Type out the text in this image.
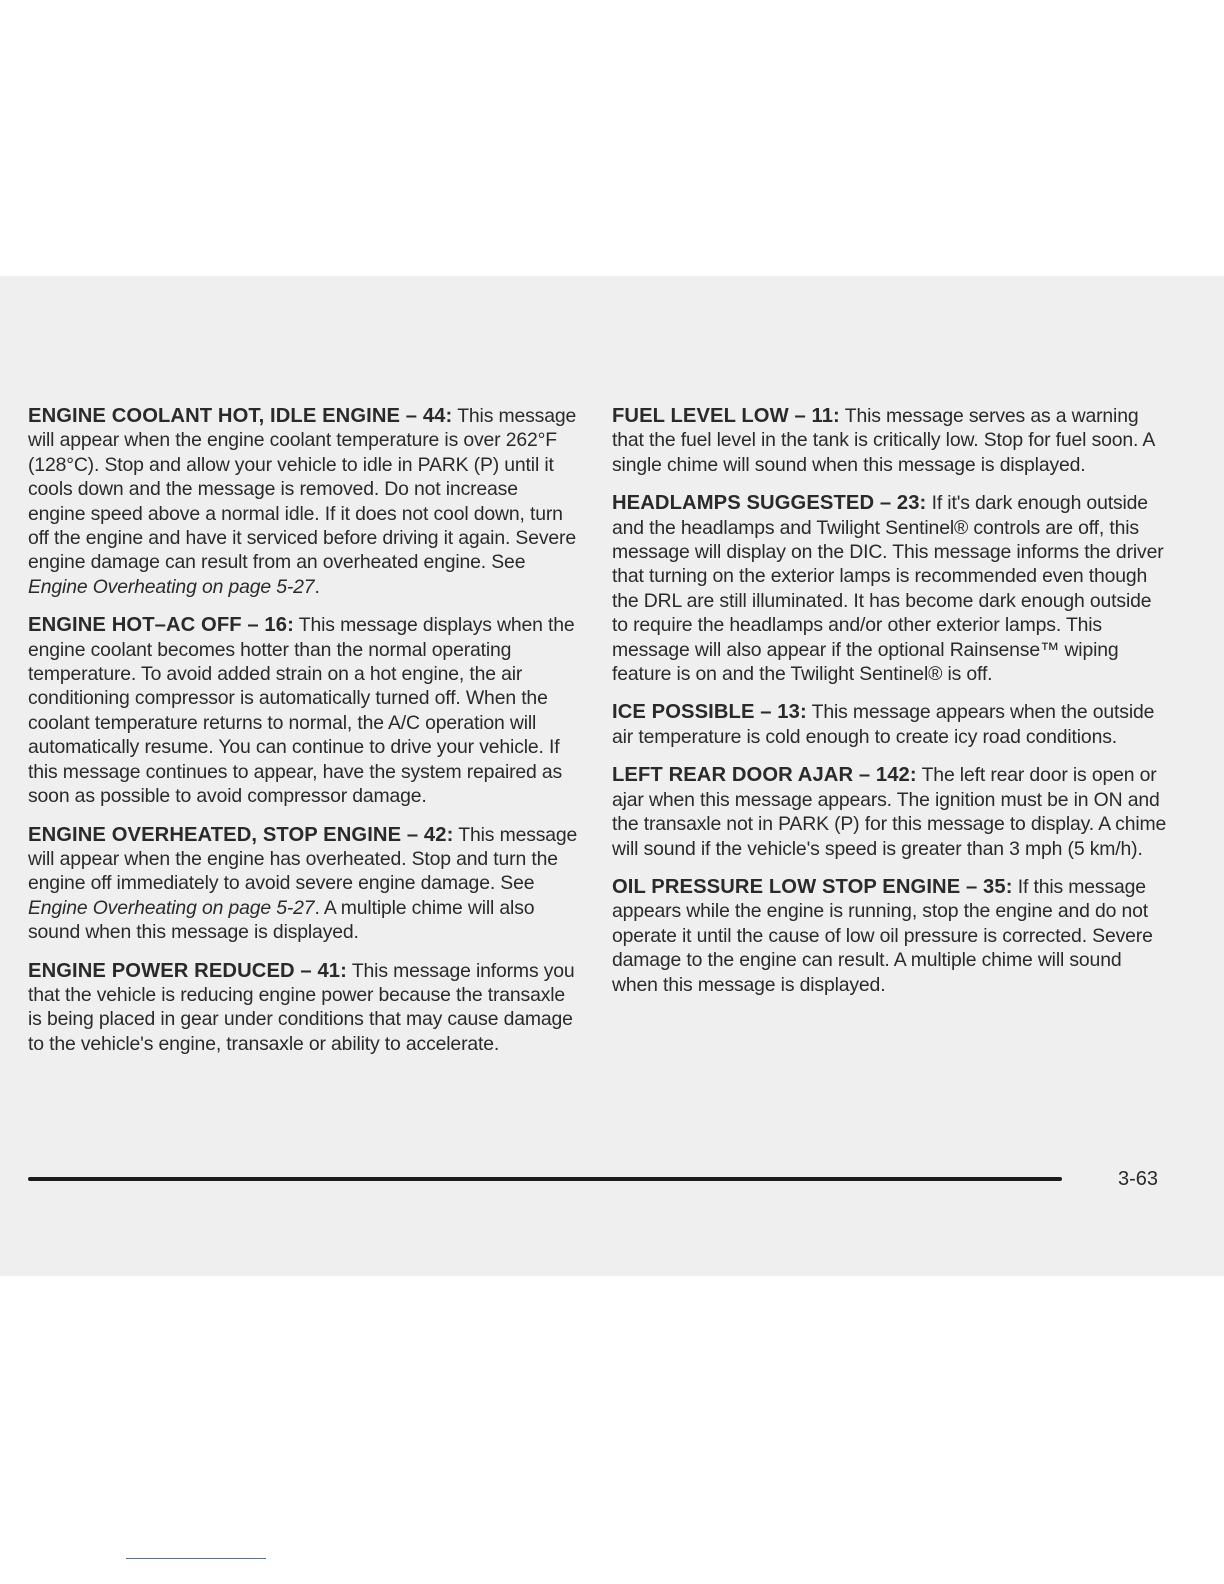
ENGINE COOLANT HOT, IDLE ENGINE – 44: This message will appear when the engine coolant temperature is over 262°F (128°C). Stop and allow your vehicle to idle in PARK (P) until it cools down and the message is removed. Do not increase engine speed above a normal idle. If it does not cool down, turn off the engine and have it serviced before driving it again. Severe engine damage can result from an overheated engine. See Engine Overheating on page 5-27.

ENGINE HOT–AC OFF – 16: This message displays when the engine coolant becomes hotter than the normal operating temperature. To avoid added strain on a hot engine, the air conditioning compressor is automatically turned off. When the coolant temperature returns to normal, the A/C operation will automatically resume. You can continue to drive your vehicle. If this message continues to appear, have the system repaired as soon as possible to avoid compressor damage.

ENGINE OVERHEATED, STOP ENGINE – 42: This message will appear when the engine has overheated. Stop and turn the engine off immediately to avoid severe engine damage. See Engine Overheating on page 5-27. A multiple chime will also sound when this message is displayed.

ENGINE POWER REDUCED – 41: This message informs you that the vehicle is reducing engine power because the transaxle is being placed in gear under conditions that may cause damage to the vehicle's engine, transaxle or ability to accelerate.

FUEL LEVEL LOW – 11: This message serves as a warning that the fuel level in the tank is critically low. Stop for fuel soon. A single chime will sound when this message is displayed.

HEADLAMPS SUGGESTED – 23: If it's dark enough outside and the headlamps and Twilight Sentinel® controls are off, this message will display on the DIC. This message informs the driver that turning on the exterior lamps is recommended even though the DRL are still illuminated. It has become dark enough outside to require the headlamps and/or other exterior lamps. This message will also appear if the optional Rainsense™ wiping feature is on and the Twilight Sentinel® is off.

ICE POSSIBLE – 13: This message appears when the outside air temperature is cold enough to create icy road conditions.

LEFT REAR DOOR AJAR – 142: The left rear door is open or ajar when this message appears. The ignition must be in ON and the transaxle not in PARK (P) for this message to display. A chime will sound if the vehicle's speed is greater than 3 mph (5 km/h).

OIL PRESSURE LOW STOP ENGINE – 35: If this message appears while the engine is running, stop the engine and do not operate it until the cause of low oil pressure is corrected. Severe damage to the engine can result. A multiple chime will sound when this message is displayed.

3-63
